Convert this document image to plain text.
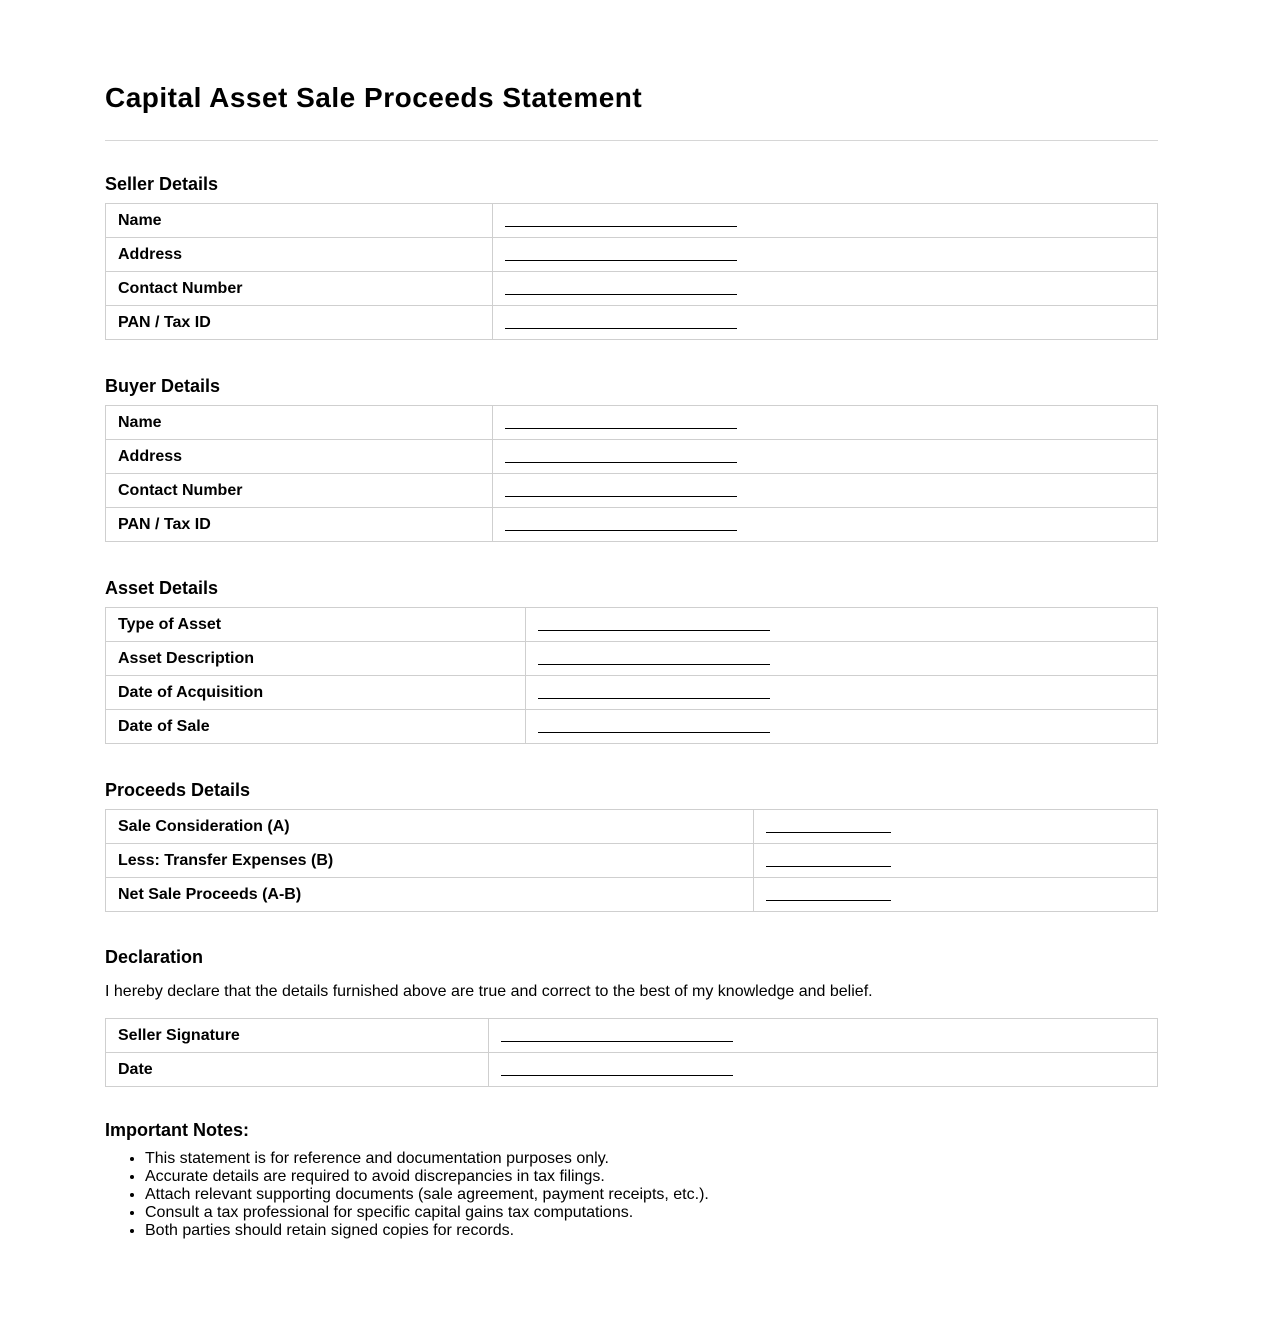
Capital Asset Sale Proceeds Statement
Seller Details
Name	
Address	
Contact Number	
PAN / Tax ID	
Buyer Details
Name	
Address	
Contact Number	
PAN / Tax ID	
Asset Details
Type of Asset	
Asset Description	
Date of Acquisition	
Date of Sale	
Proceeds Details
Sale Consideration (A)	
Less: Transfer Expenses (B)	
Net Sale Proceeds (A-B)	
Declaration

I hereby declare that the details furnished above are true and correct to the best of my knowledge and belief.

Seller Signature	
Date	
Important Notes:
• This statement is for reference and documentation purposes only.
• Accurate details are required to avoid discrepancies in tax filings.
• Attach relevant supporting documents (sale agreement, payment receipts, etc.).
• Consult a tax professional for specific capital gains tax computations.
• Both parties should retain signed copies for records.
